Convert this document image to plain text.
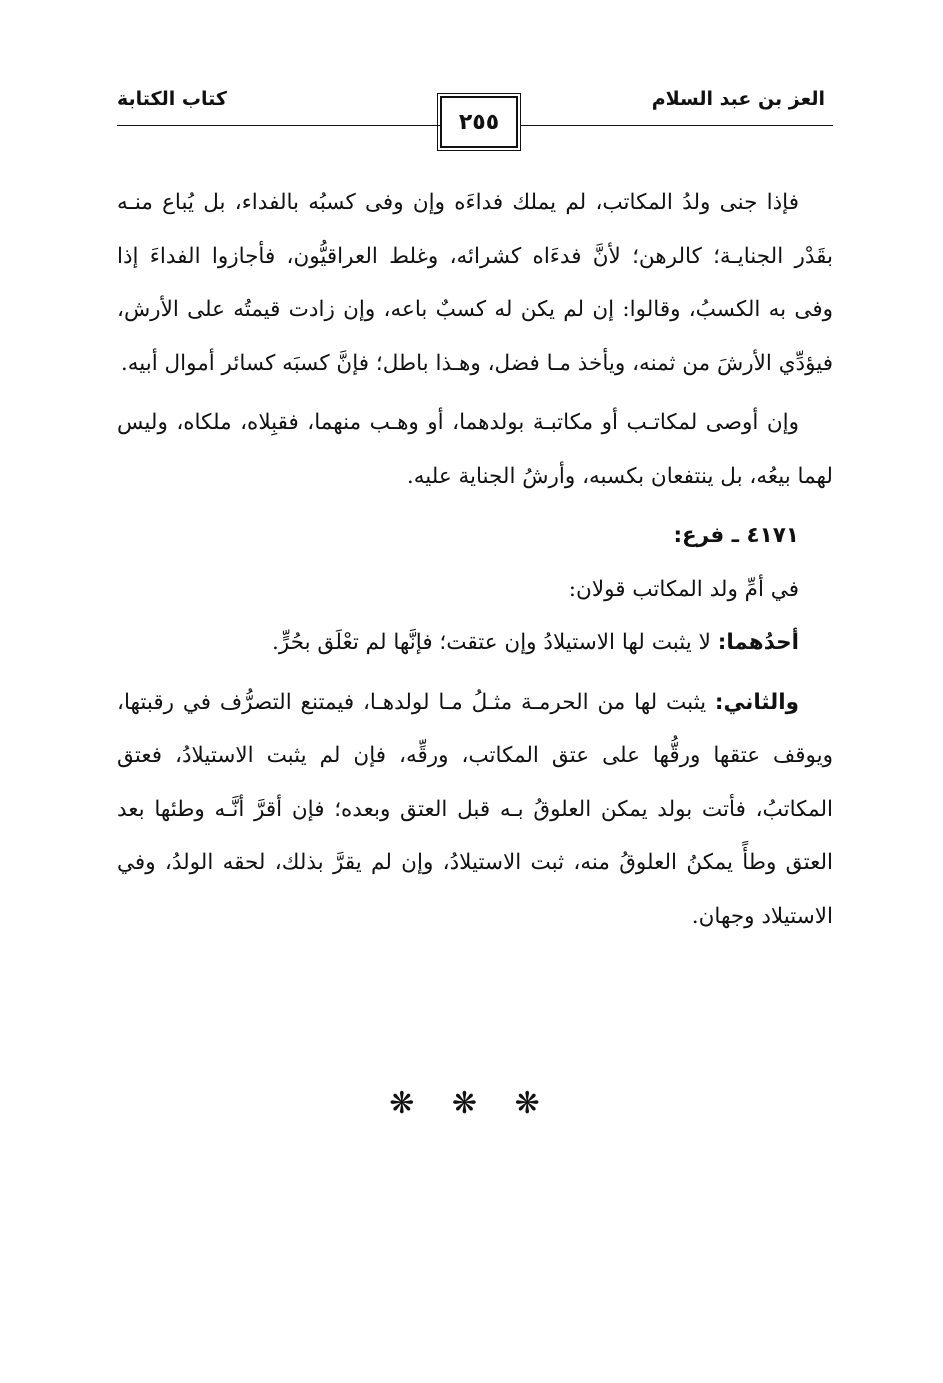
العز بن عبد السلام
كتاب الكتابة
٢٥٥

فإذا جنى ولدُ المكاتب، لم يملك فداءَه وإن وفى كسبُه بالفداء، بل يُباع منـه بقَدْر الجنايـة؛ كالرهن؛ لأنَّ فدءَاه كشرائه، وغلط العراقيُّون، فأجازوا الفداءَ إذا وفى به الكسبُ، وقالوا: إن لم يكن له كسبٌ باعه، وإن زادت قيمتُه على الأرش، فيؤدِّي الأرشَ من ثمنه، ويأخذ مـا فضل، وهـذا باطل؛ فإنَّ كسبَه كسائر أموال أبيه.

وإن أوصى لمكاتـب أو مكاتبـة بولدهما، أو وهـب منهما، فقبِلاه، ملكاه، وليس لهما بيعُه، بل ينتفعان بكسبه، وأرشُ الجناية عليه.

٤١٧١ ـ فرع:

في أمِّ ولد المكاتب قولان:

أحدُهما: لا يثبت لها الاستيلادُ وإن عتقت؛ فإنَّها لم تعْلَق بحُرٍّ.

والثاني: يثبت لها من الحرمـة مثـلُ مـا لولدهـا، فيمتنع التصرُّف في رقبتها، ويوقف عتقها ورقُّها على عتق المكاتب، ورقِّه، فإن لم يثبت الاستيلادُ، فعتق المكاتبُ، فأتت بولد يمكن العلوقُ بـه قبل العتق وبعده؛ فإن أقرَّ أنَّـه وطئها بعد العتق وطأً يمكنُ العلوقُ منه، ثبت الاستيلادُ، وإن لم يقرَّ بذلك، لحقه الولدُ، وفي الاستيلاد وجهان.

❋ ❋ ❋
